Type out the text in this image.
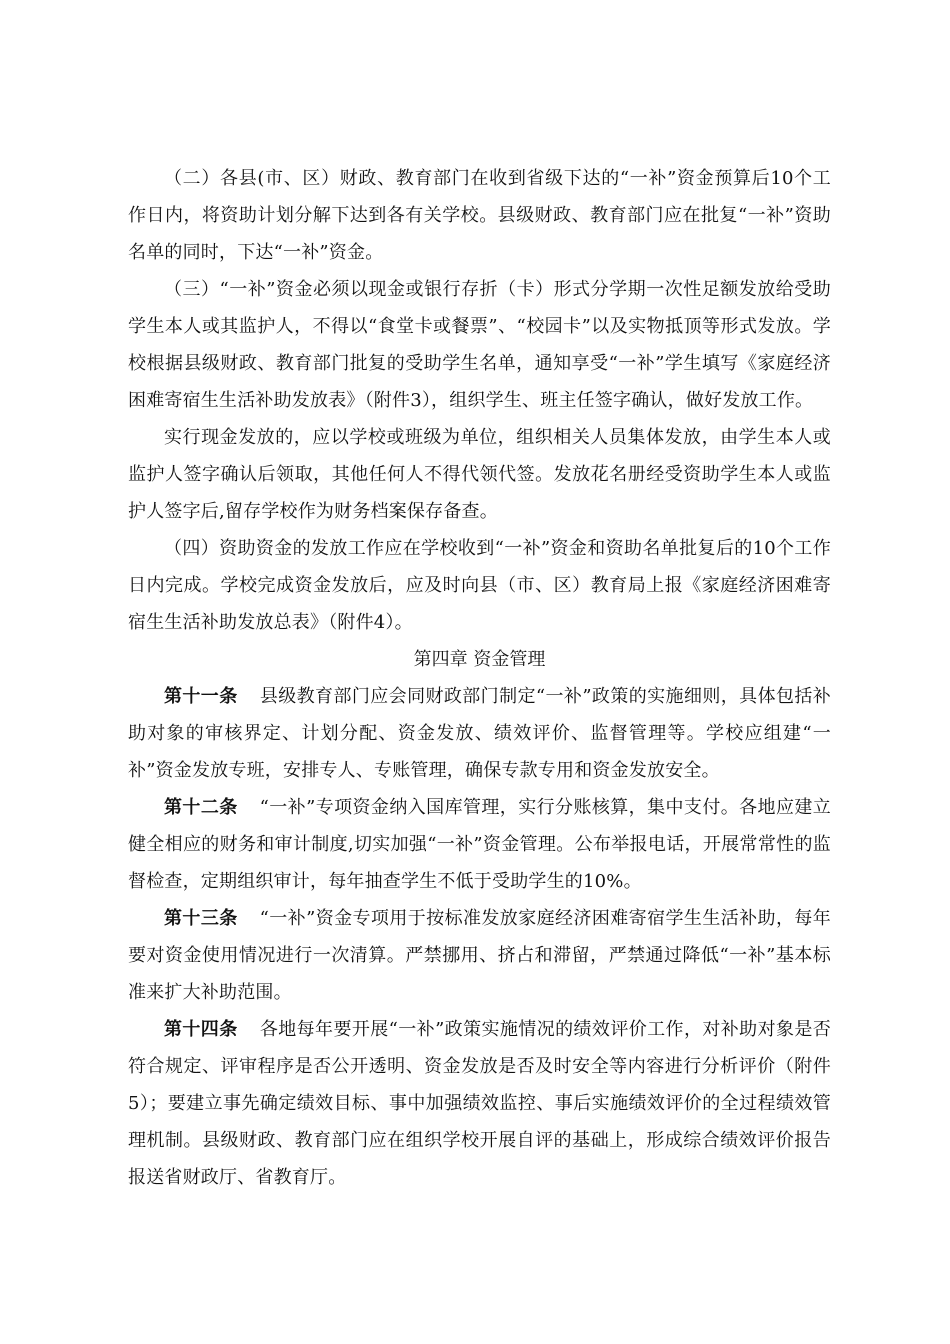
（二）各县(市、区）财政、教育部门在收到省级下达的“一补”资金预算后10个工作日内，将资助计划分解下达到各有关学校。县级财政、教育部门应在批复“一补”资助名单的同时，下达“一补”资金。

（三）“一补”资金必须以现金或银行存折（卡）形式分学期一次性足额发放给受助学生本人或其监护人，不得以“食堂卡或餐票”、“校园卡”以及实物抵顶等形式发放。学校根据县级财政、教育部门批复的受助学生名单，通知享受“一补”学生填写《家庭经济困难寄宿生生活补助发放表》（附件3），组织学生、班主任签字确认，做好发放工作。

实行现金发放的，应以学校或班级为单位，组织相关人员集体发放，由学生本人或监护人签字确认后领取，其他任何人不得代领代签。发放花名册经受资助学生本人或监护人签字后,留存学校作为财务档案保存备查。

（四）资助资金的发放工作应在学校收到“一补”资金和资助名单批复后的10个工作日内完成。学校完成资金发放后，应及时向县（市、区）教育局上报《家庭经济困难寄宿生生活补助发放总表》（附件4）。

第四章 资金管理

第十一条 县级教育部门应会同财政部门制定“一补”政策的实施细则，具体包括补助对象的审核界定、计划分配、资金发放、绩效评价、监督管理等。学校应组建“一补”资金发放专班，安排专人、专账管理，确保专款专用和资金发放安全。

第十二条 “一补”专项资金纳入国库管理，实行分账核算，集中支付。各地应建立健全相应的财务和审计制度,切实加强“一补”资金管理。公布举报电话，开展常常性的监督检查，定期组织审计，每年抽查学生不低于受助学生的10%。

第十三条 “一补”资金专项用于按标准发放家庭经济困难寄宿学生生活补助，每年要对资金使用情况进行一次清算。严禁挪用、挤占和滞留，严禁通过降低“一补”基本标准来扩大补助范围。

第十四条 各地每年要开展“一补”政策实施情况的绩效评价工作，对补助对象是否符合规定、评审程序是否公开透明、资金发放是否及时安全等内容进行分析评价（附件5）；要建立事先确定绩效目标、事中加强绩效监控、事后实施绩效评价的全过程绩效管理机制。县级财政、教育部门应在组织学校开展自评的基础上，形成综合绩效评价报告报送省财政厅、省教育厅。
